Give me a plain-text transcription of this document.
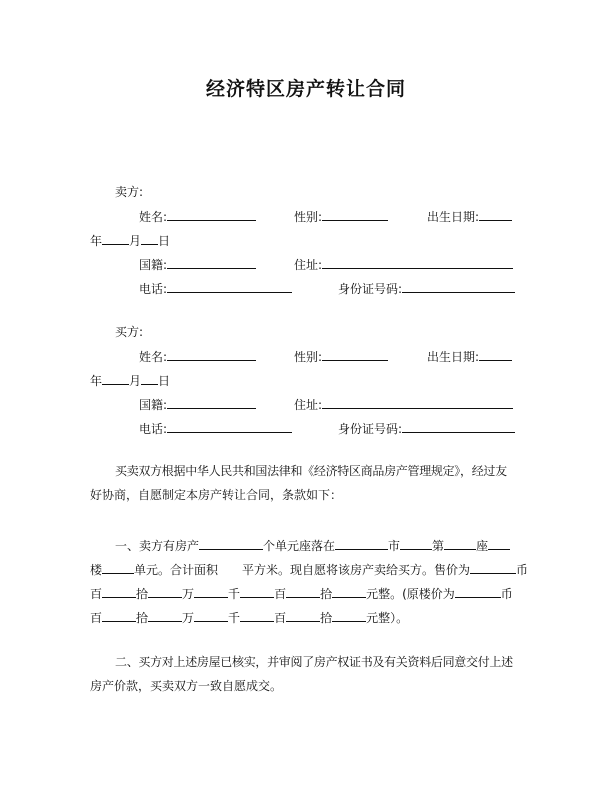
经济特区房产转让合同
卖方:
姓名:	性别:	出生日期:
年 月 日
国籍:	住址:
电话:	身份证号码:
买方:
姓名:	性别:	出生日期:
年 月 日
国籍:	住址:
电话:	身份证号码:
买卖双方根据中华人民共和国法律和《经济特区商品房产管理规定》，经过友
好协商，自愿制定本房产转让合同，条款如下：
一、卖方有房产	个单元座落在	市	第	座
楼	单元。合计面积 平方米。现自愿将该房产卖给买方。售价为	币
百	拾	万	千	百	拾	元整。(原楼价为	币
百	拾	万	千	百	拾	元整）。
二、买方对上述房屋已核实，并审阅了房产权证书及有关资料后同意交付上述
房产价款，买卖双方一致自愿成交。
